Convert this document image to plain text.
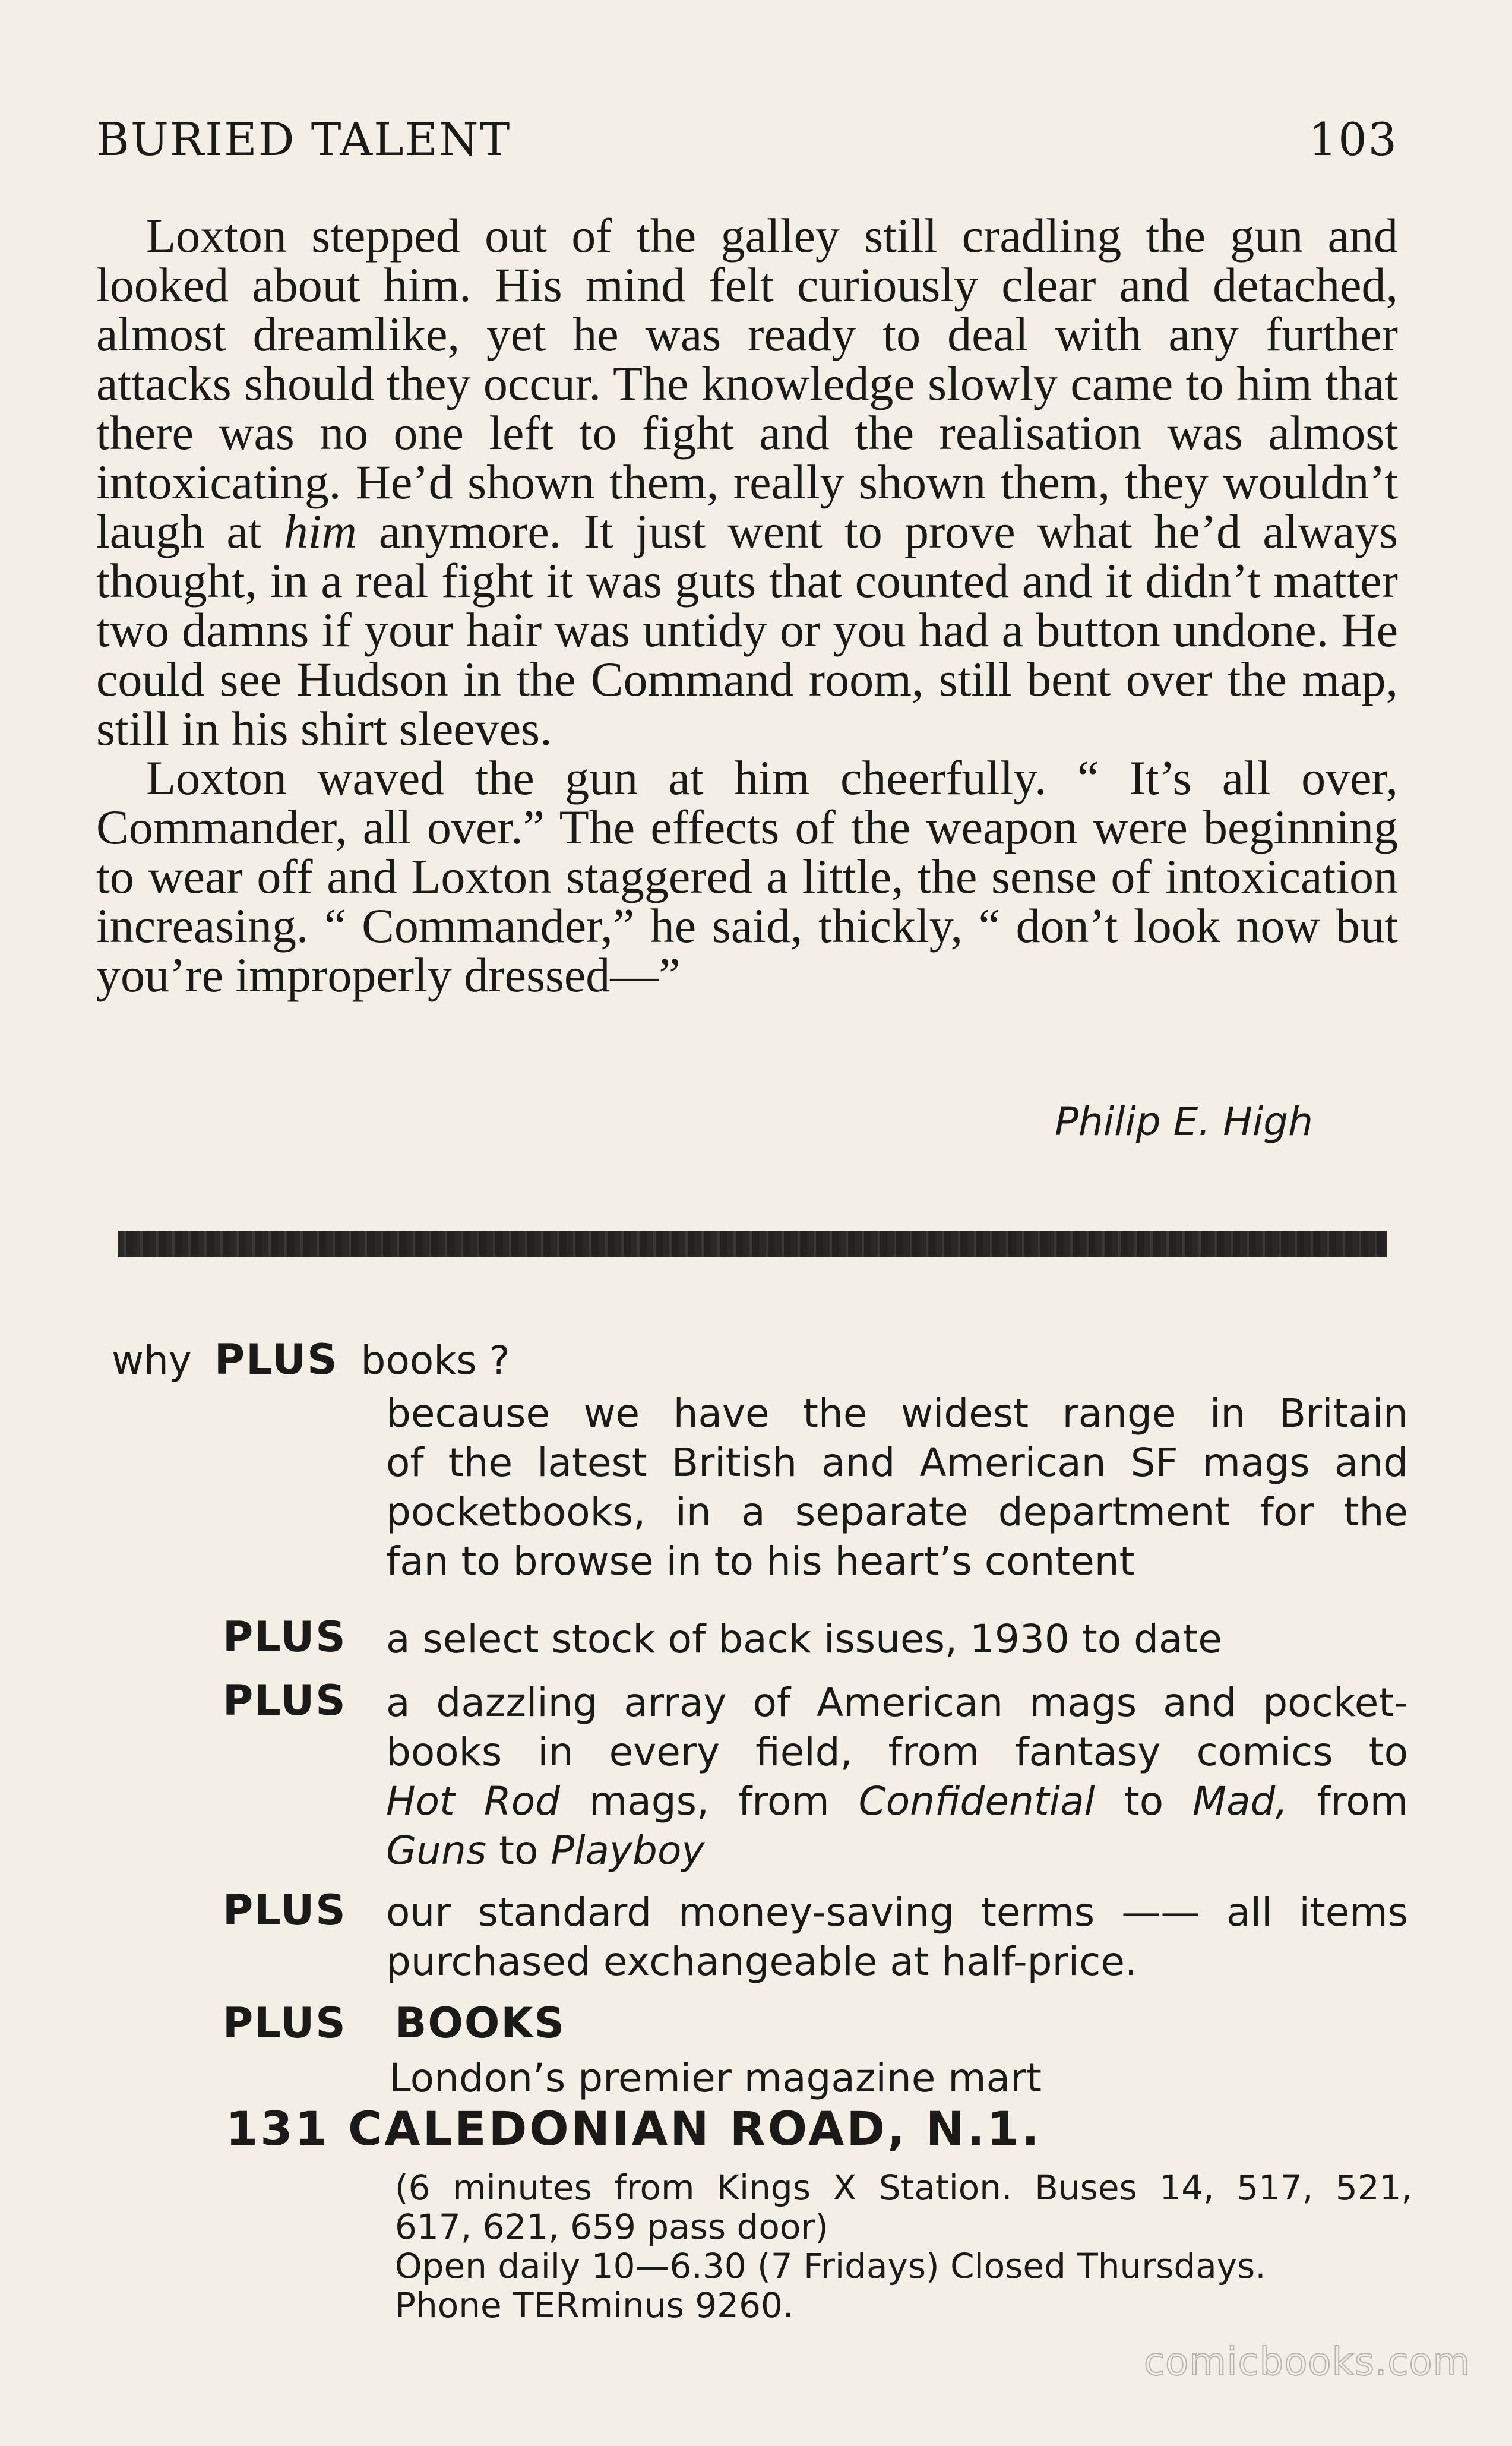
BURIED TALENT	103

Loxton stepped out of the galley still cradling the gun and looked about him. His mind felt curiously clear and detached, almost dreamlike, yet he was ready to deal with any further attacks should they occur. The knowledge slowly came to him that there was no one left to fight and the realisation was almost intoxicating. He’d shown them, really shown them, they wouldn’t laugh at him anymore. It just went to prove what he’d always thought, in a real fight it was guts that counted and it didn’t matter two damns if your hair was untidy or you had a button undone. He could see Hudson in the Command room, still bent over the map, still in his shirt sleeves.

Loxton waved the gun at him cheerfully. “ It’s all over, Commander, all over.” The effects of the weapon were beginning to wear off and Loxton staggered a little, the sense of intoxication increasing. “ Commander,” he said, thickly, “ don’t look now but you’re improperly dressed—”

Philip E. High
why PLUS books ?
because we have the widest range in Britain
of the latest British and American SF mags and
pocketbooks, in a separate department for the
fan to browse in to his heart’s content
PLUS a select stock of back issues, 1930 to date
PLUS a dazzling array of American mags and pocket-
books in every field, from fantasy comics to
Hot Rod mags, from Confidential to Mad, from
Guns to Playboy
PLUS our standard money-saving terms —— all items
purchased exchangeable at half-price.
PLUS BOOKS
London’s premier magazine mart
131 CALEDONIAN ROAD, N.1.
(6 minutes from Kings X Station. Buses 14, 517, 521,
617, 621, 659 pass door)
Open daily 10—6.30 (7 Fridays) Closed Thursdays.
Phone TERminus 9260.
comicbooks.com
